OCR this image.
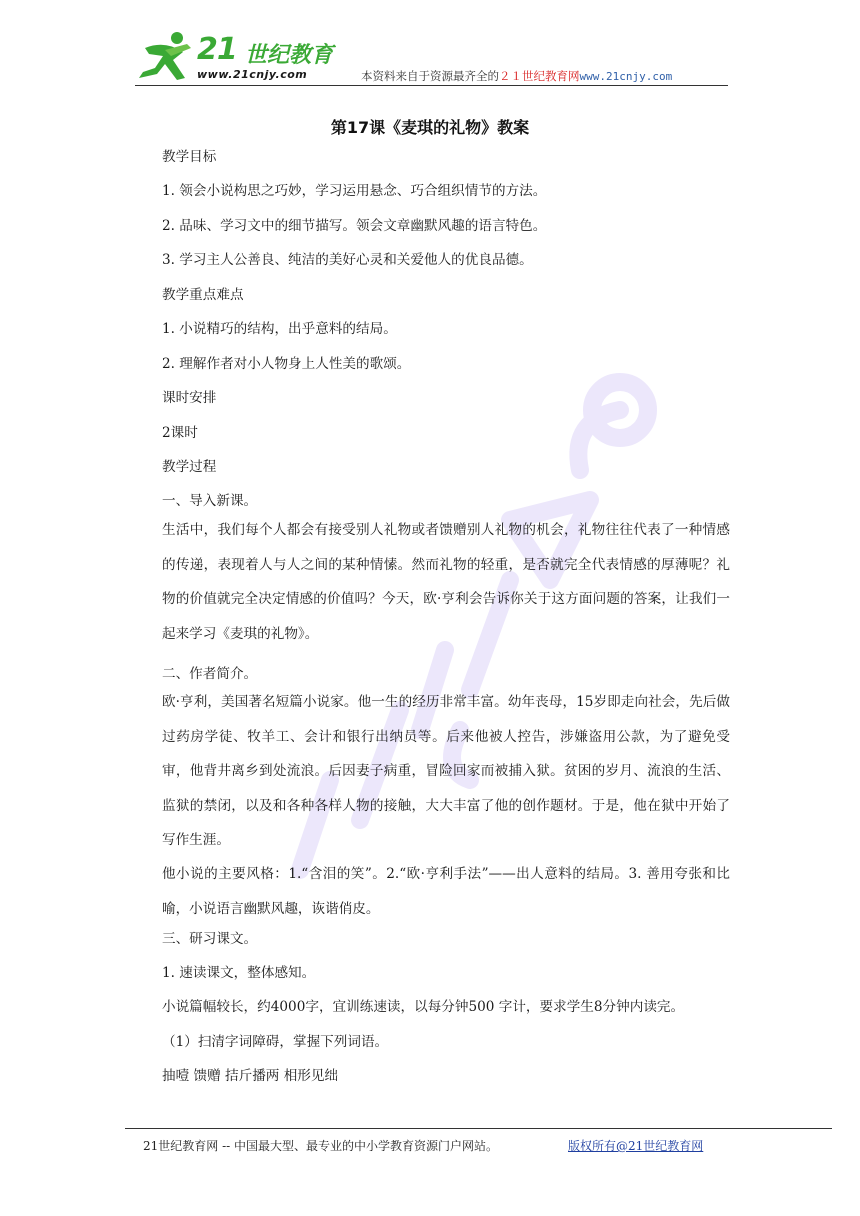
21 世纪教育
www.21cnjy.com	本资料来自于资源最齐全的２１世纪教育网www.21cnjy.com
第17课《麦琪的礼物》教案
教学目标
1. 领会小说构思之巧妙，学习运用悬念、巧合组织情节的方法。
2. 品味、学习文中的细节描写。领会文章幽默风趣的语言特色。
3. 学习主人公善良、纯洁的美好心灵和关爱他人的优良品德。
教学重点难点
1. 小说精巧的结构，出乎意料的结局。
2. 理解作者对小人物身上人性美的歌颂。
课时安排
2课时
教学过程
一、导入新课。
生活中，我们每个人都会有接受别人礼物或者馈赠别人礼物的机会，礼物往往代表了一种情感的传递，表现着人与人之间的某种情愫。然而礼物的轻重，是否就完全代表情感的厚薄呢？礼物的价值就完全决定情感的价值吗？今天，欧·亨利会告诉你关于这方面问题的答案，让我们一起来学习《麦琪的礼物》。
二、作者简介。
欧·亨利，美国著名短篇小说家。他一生的经历非常丰富。幼年丧母，15岁即走向社会，先后做过药房学徒、牧羊工、会计和银行出纳员等。后来他被人控告，涉嫌盗用公款，为了避免受审，他背井离乡到处流浪。后因妻子病重，冒险回家而被捕入狱。贫困的岁月、流浪的生活、监狱的禁闭，以及和各种各样人物的接触，大大丰富了他的创作题材。于是，他在狱中开始了写作生涯。
他小说的主要风格：1.“含泪的笑”。2.“欧·亨利手法”——出人意料的结局。3. 善用夸张和比喻，小说语言幽默风趣，诙谐俏皮。
三、研习课文。
1. 速读课文，整体感知。
小说篇幅较长，约4000字，宜训练速读，以每分钟500 字计，要求学生8分钟内读完。
（1）扫清字词障碍，掌握下列词语。
抽噎 馈赠 拮斤播两 相形见绌
21世纪教育网 -- 中国最大型、最专业的中小学教育资源门户网站。	版权所有@21世纪教育网
